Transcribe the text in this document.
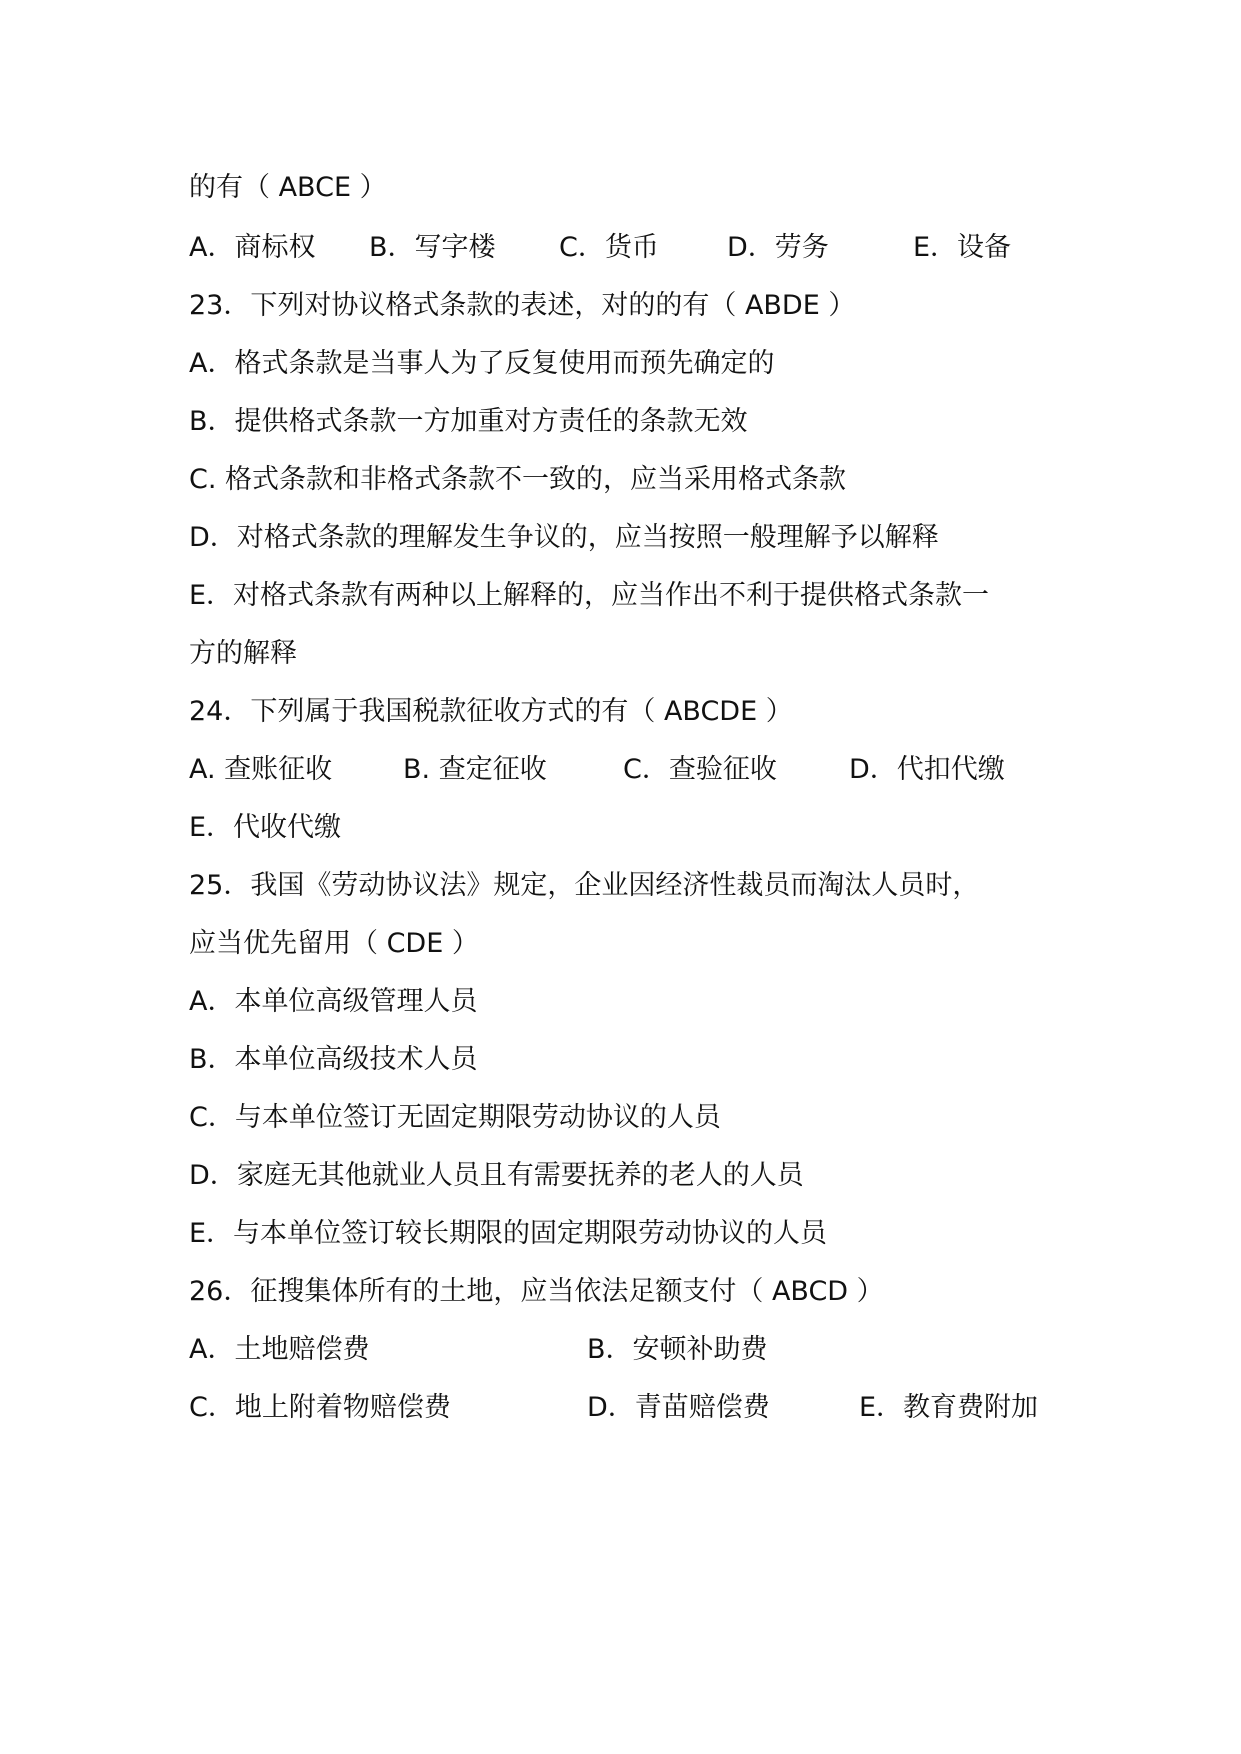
的有（ ABCE ）
A．商标权 B．写字楼 C．货币	D．劳务	E．设备
23．下列对协议格式条款的表述，对的的有（ ABDE ）
A．格式条款是当事人为了反复使用而预先确定的
B．提供格式条款一方加重对方责任的条款无效
C. 格式条款和非格式条款不一致的，应当采用格式条款
D．对格式条款的理解发生争议的，应当按照一般理解予以解释
E．对格式条款有两种以上解释的，应当作出不利于提供格式条款一
方的解释
24．下列属于我国税款征收方式的有（ ABCDE ）
A. 查账征收	B. 查定征收	C．查验征收	D．代扣代缴
E．代收代缴
25．我国《劳动协议法》规定，企业因经济性裁员而淘汰人员时，
应当优先留用（ CDE ）
A．本单位高级管理人员
B．本单位高级技术人员
C．与本单位签订无固定期限劳动协议的人员
D．家庭无其他就业人员且有需要抚养的老人的人员
E．与本单位签订较长期限的固定期限劳动协议的人员
26．征搜集体所有的土地，应当依法足额支付（ ABCD ）
A．土地赔偿费	B．安顿补助费
C．地上附着物赔偿费	D．青苗赔偿费	E．教育费附加
